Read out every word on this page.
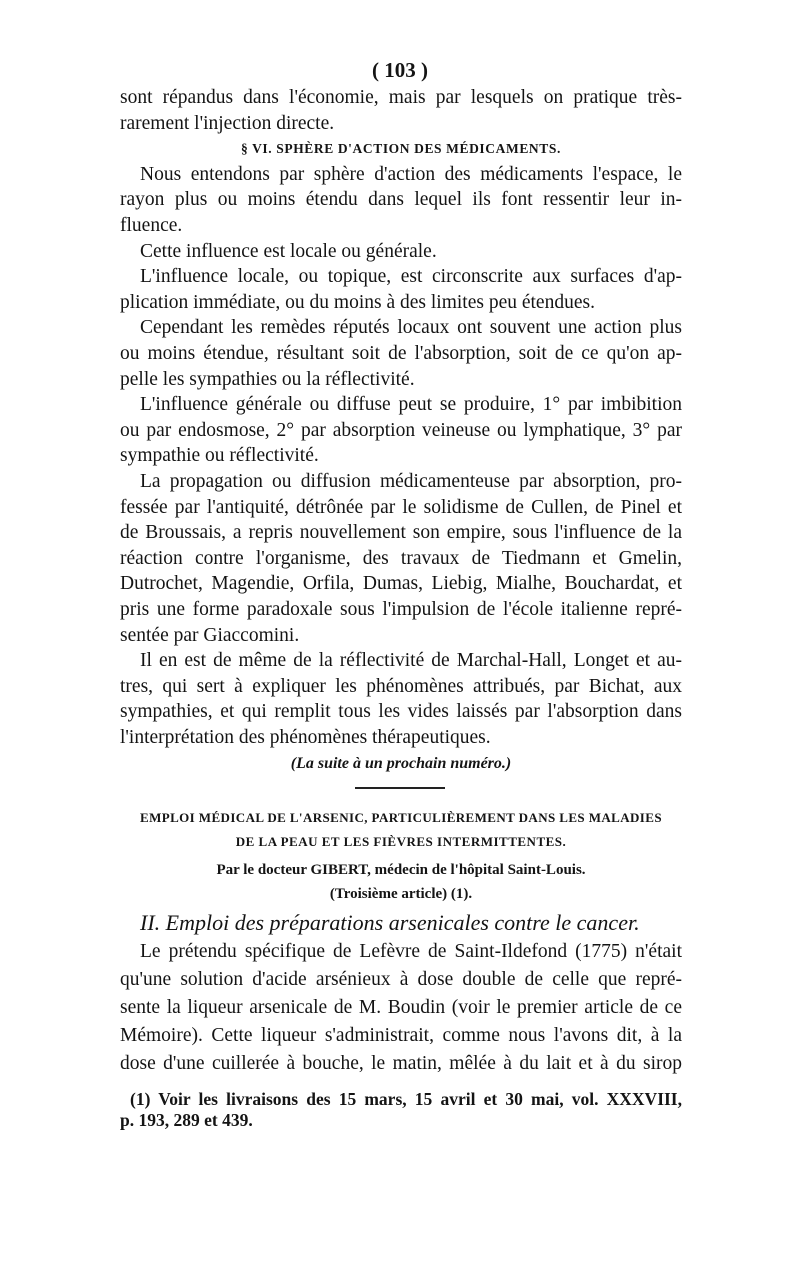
( 103 )
sont répandus dans l'économie, mais par lesquels on pratique très-
rarement l'injection directe.
§ VI. SPHÈRE D'ACTION DES MÉDICAMENTS.
Nous entendons par sphère d'action des médicaments l'espace, le
rayon plus ou moins étendu dans lequel ils font ressentir leur in-
fluence.
Cette influence est locale ou générale.
L'influence locale, ou topique, est circonscrite aux surfaces d'ap-
plication immédiate, ou du moins à des limites peu étendues.
Cependant les remèdes réputés locaux ont souvent une action plus
ou moins étendue, résultant soit de l'absorption, soit de ce qu'on ap-
pelle les sympathies ou la réflectivité.
L'influence générale ou diffuse peut se produire, 1° par imbibition
ou par endosmose, 2° par absorption veineuse ou lymphatique, 3° par
sympathie ou réflectivité.
La propagation ou diffusion médicamenteuse par absorption, pro-
fessée par l'antiquité, détrônée par le solidisme de Cullen, de Pinel et
de Broussais, a repris nouvellement son empire, sous l'influence de la
réaction contre l'organisme, des travaux de Tiedmann et Gmelin,
Dutrochet, Magendie, Orfila, Dumas, Liebig, Mialhe, Bouchardat, et
pris une forme paradoxale sous l'impulsion de l'école italienne repré-
sentée par Giaccomini.
Il en est de même de la réflectivité de Marchal-Hall, Longet et au-
tres, qui sert à expliquer les phénomènes attribués, par Bichat, aux
sympathies, et qui remplit tous les vides laissés par l'absorption dans
l'interprétation des phénomènes thérapeutiques.
(La suite à un prochain numéro.)
EMPLOI MÉDICAL DE L'ARSENIC, PARTICULIÈREMENT DANS LES MALADIES
DE LA PEAU ET LES FIÈVRES INTERMITTENTES.
Par le docteur GIBERT, médecin de l'hôpital Saint-Louis.
(Troisième article) (1).
II. Emploi des préparations arsenicales contre le cancer.
Le prétendu spécifique de Lefèvre de Saint-Ildefond (1775) n'était
qu'une solution d'acide arsénieux à dose double de celle que repré-
sente la liqueur arsenicale de M. Boudin (voir le premier article de ce
Mémoire). Cette liqueur s'administrait, comme nous l'avons dit, à la
dose d'une cuillerée à bouche, le matin, mêlée à du lait et à du sirop
(1) Voir les livraisons des 15 mars, 15 avril et 30 mai, vol. XXXVIII,
p. 193, 289 et 439.
